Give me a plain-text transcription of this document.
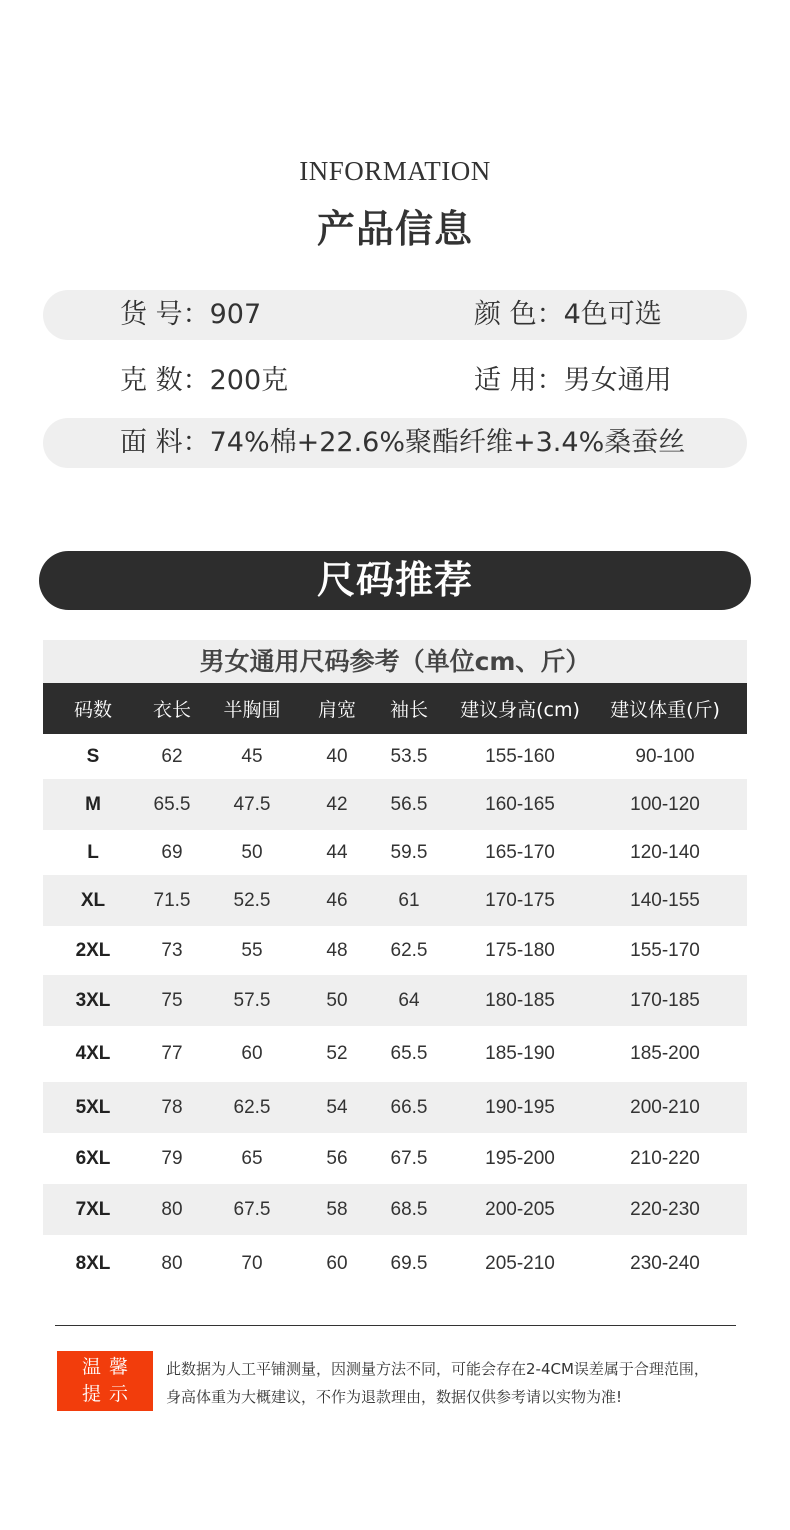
INFORMATION
产品信息
货 号：907	颜 色：4色可选
克 数：200克	适 用：男女通用
面 料：74%棉+22.6%聚酯纤维+3.4%桑蚕丝
尺码推荐
男女通用尺码参考（单位cm、斤）
码数	衣长	半胸围	肩宽	袖长	建议身高(cm)	建议体重(斤)
S	62	45	40	53.5	155-160	90-100
M	65.5	47.5	42	56.5	160-165	100-120
L	69	50	44	59.5	165-170	120-140
XL	71.5	52.5	46	61	170-175	140-155
2XL	73	55	48	62.5	175-180	155-170
3XL	75	57.5	50	64	180-185	170-185
4XL	77	60	52	65.5	185-190	185-200
5XL	78	62.5	54	66.5	190-195	200-210
6XL	79	65	56	67.5	195-200	210-220
7XL	80	67.5	58	68.5	200-205	220-230
8XL	80	70	60	69.5	205-210	230-240
温馨
提示
此数据为人工平铺测量，因测量方法不同，可能会存在2-4CM误差属于合理范围，
身高体重为大概建议，不作为退款理由，数据仅供参考请以实物为准!
